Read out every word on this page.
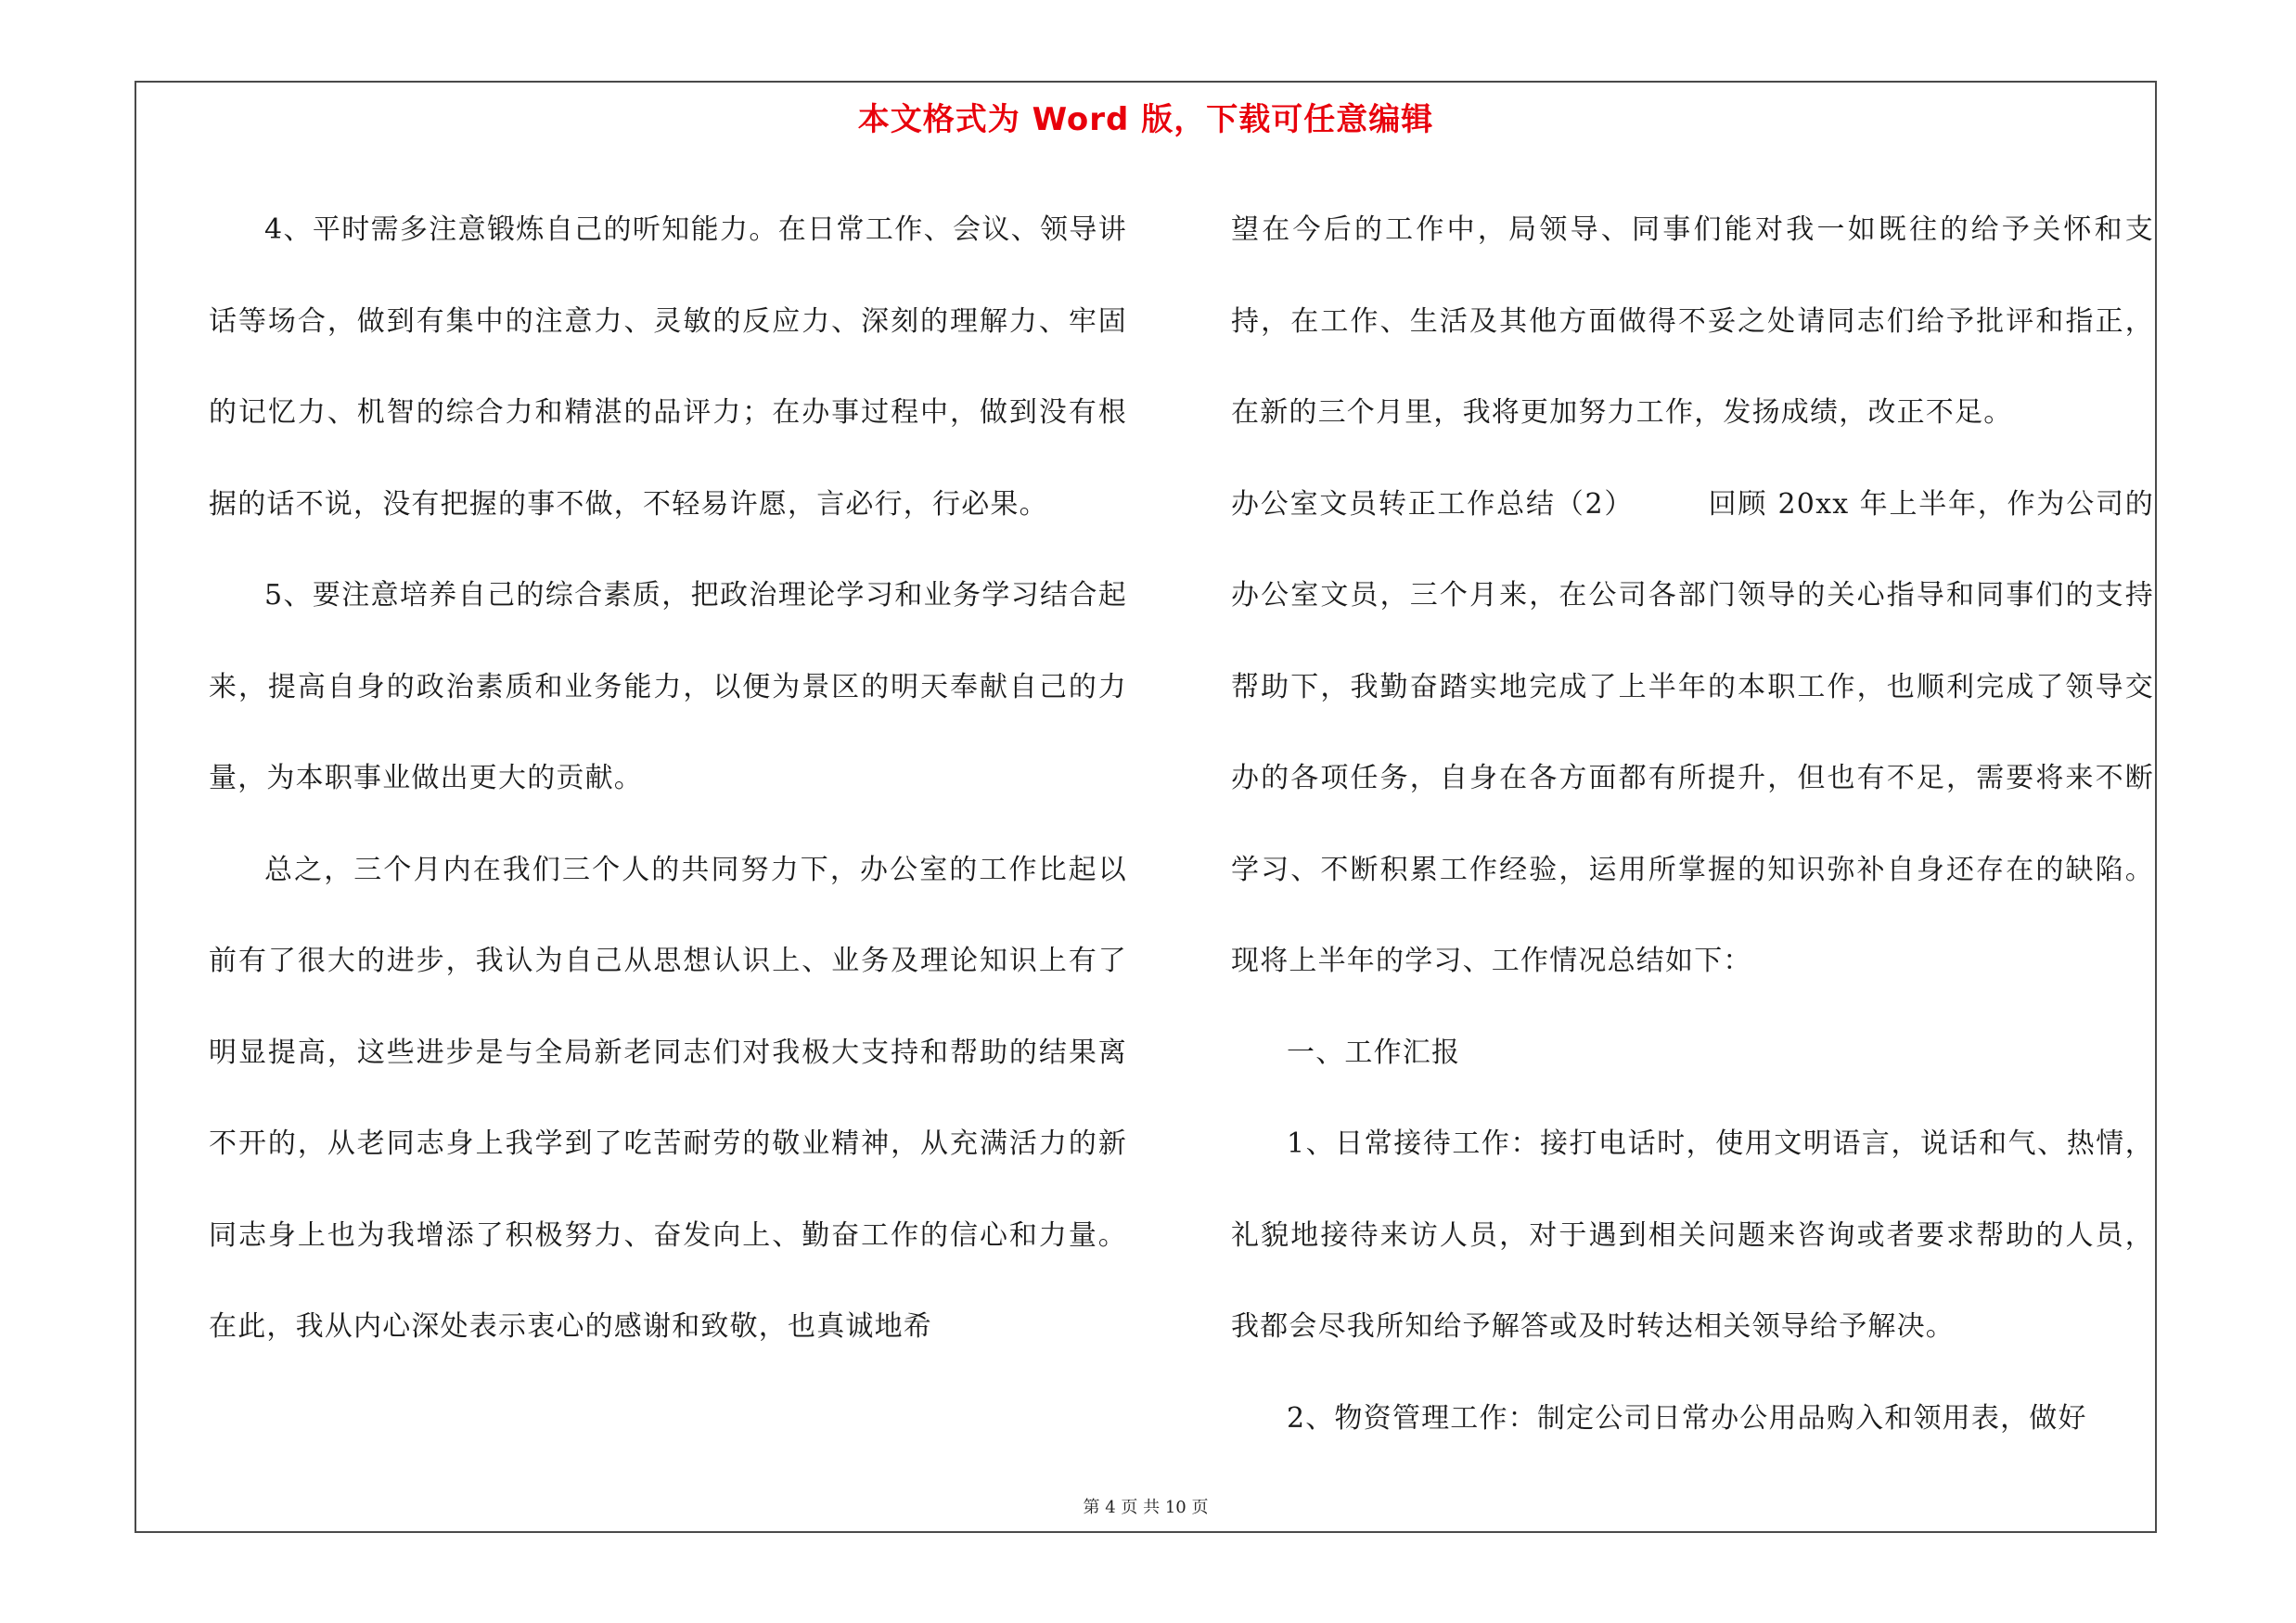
本文格式为 Word 版，下载可任意编辑

4、平时需多注意锻炼自己的听知能力。在日常工作、会议、领导讲话等场合，做到有集中的注意力、灵敏的反应力、深刻的理解力、牢固的记忆力、机智的综合力和精湛的品评力；在办事过程中，做到没有根据的话不说，没有把握的事不做，不轻易许愿，言必行，行必果。

5、要注意培养自己的综合素质，把政治理论学习和业务学习结合起来，提高自身的政治素质和业务能力，以便为景区的明天奉献自己的力量，为本职事业做出更大的贡献。

总之，三个月内在我们三个人的共同努力下，办公室的工作比起以前有了很大的进步，我认为自己从思想认识上、业务及理论知识上有了明显提高，这些进步是与全局新老同志们对我极大支持和帮助的结果离不开的，从老同志身上我学到了吃苦耐劳的敬业精神，从充满活力的新同志身上也为我增添了积极努力、奋发向上、勤奋工作的信心和力量。在此，我从内心深处表示衷心的感谢和致敬，也真诚地希

望在今后的工作中，局领导、同事们能对我一如既往的给予关怀和支持，在工作、生活及其他方面做得不妥之处请同志们给予批评和指正，在新的三个月里，我将更加努力工作，发扬成绩，改正不足。

办公室文员转正工作总结（2）　　　回顾 20xx 年上半年，作为公司的办公室文员，三个月来，在公司各部门领导的关心指导和同事们的支持帮助下，我勤奋踏实地完成了上半年的本职工作，也顺利完成了领导交办的各项任务，自身在各方面都有所提升，但也有不足，需要将来不断学习、不断积累工作经验，运用所掌握的知识弥补自身还存在的缺陷。现将上半年的学习、工作情况总结如下：

一、工作汇报

1、日常接待工作：接打电话时，使用文明语言，说话和气、热情，礼貌地接待来访人员，对于遇到相关问题来咨询或者要求帮助的人员，我都会尽我所知给予解答或及时转达相关领导给予解决。

2、物资管理工作：制定公司日常办公用品购入和领用表，做好

第 4 页 共 10 页
